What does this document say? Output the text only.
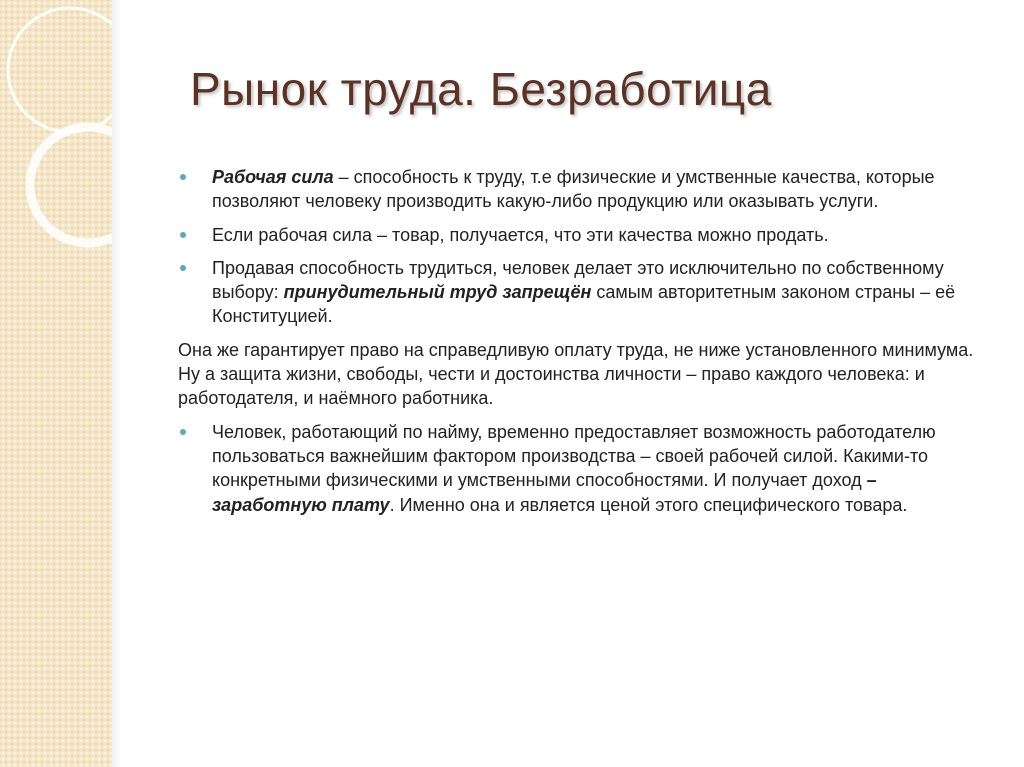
Рынок труда. Безработица
Рабочая сила – способность к труду, т.е физические и умственные качества, которые позволяют человеку производить какую-либо продукцию или оказывать услуги.
Если рабочая сила – товар, получается, что эти качества можно продать.
Продавая способность трудиться, человек делает это исключительно по собственному выбору: принудительный труд запрещён самым авторитетным законом страны – её Конституцией.
Она же гарантирует право на справедливую оплату труда, не ниже установленного минимума. Ну а защита жизни, свободы, чести и достоинства личности – право каждого человека: и работодателя, и наёмного работника.
Человек, работающий по найму, временно предоставляет возможность работодателю пользоваться важнейшим фактором производства – своей рабочей силой. Какими-то конкретными физическими и умственными способностями. И получает доход – заработную плату. Именно она и является ценой этого специфического товара.
